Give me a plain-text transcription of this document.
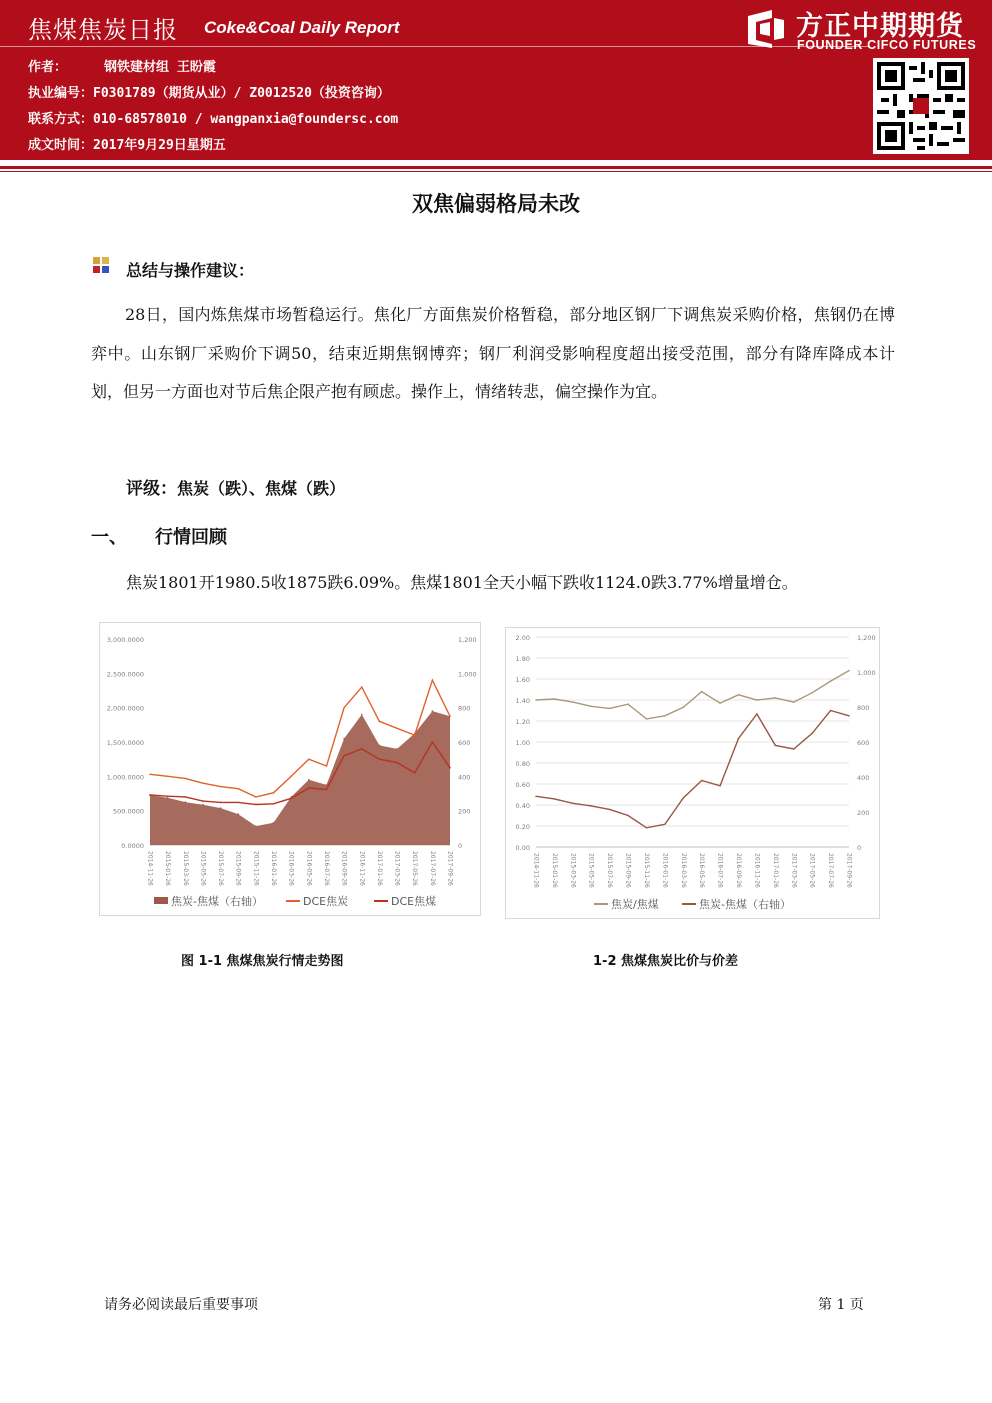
焦煤焦炭日报 Coke&Coal Daily Report
作者：	钢铁建材组 王盼霞
执业编号：F0301789（期货从业）/ Z0012520（投资咨询）
联系方式：010-68578010 / wangpanxia@foundersc.com
成文时间：2017年9月29日星期五
方正中期期货
FOUNDER CIFCO FUTURES
双焦偏弱格局未改
总结与操作建议：
28日，国内炼焦煤市场暂稳运行。焦化厂方面焦炭价格暂稳，部分地区钢厂下调焦炭采购价格，焦钢仍在博弈中。山东钢厂采购价下调50，结束近期焦钢博弈；钢厂利润受影响程度超出接受范围，部分有降库降成本计划，但另一方面也对节后焦企限产抱有顾虑。操作上，情绪转悲，偏空操作为宜。
评级：焦炭（跌）、焦煤（跌）
一、 行情回顾
焦炭1801开1980.5收1875跌6.09%。焦煤1801全天小幅下跌收1124.0跌3.77%增量增仓。
0.0000
500.0000
1,000.0000
1,500.0000
2,000.0000
2,500.0000
3,000.0000
0
200
400
600
800
1,000
1,200
2014-11-26 2015-01-26 2015-03-26 2015-05-26 2015-07-26 2015-09-26 2015-11-26 2016-01-26 2016-03-26 2016-05-26 2016-07-26 2016-09-26 2016-11-26 2017-01-26 2017-03-26 2017-05-26 2017-07-26 2017-09-26
焦炭-焦煤（右轴）	DCE焦炭	DCE焦煤
0.00
0.20
0.40
0.60
0.80
1.00
1.20
1.40
1.60
1.80
2.00
0
200
400
600
800
1,000
1,200
2014-11-26 2015-01-26 2015-03-26 2015-05-26 2015-07-26 2015-09-26 2015-11-26 2016-01-26 2016-03-26 2016-05-26 2016-07-26 2016-09-26 2016-11-26 2017-01-26 2017-03-26 2017-05-26 2017-07-26 2017-09-26
焦炭/焦煤	焦炭-焦煤（右轴）
图 1-1 焦煤焦炭行情走势图	1-2 焦煤焦炭比价与价差
请务必阅读最后重要事项	第 1 页
